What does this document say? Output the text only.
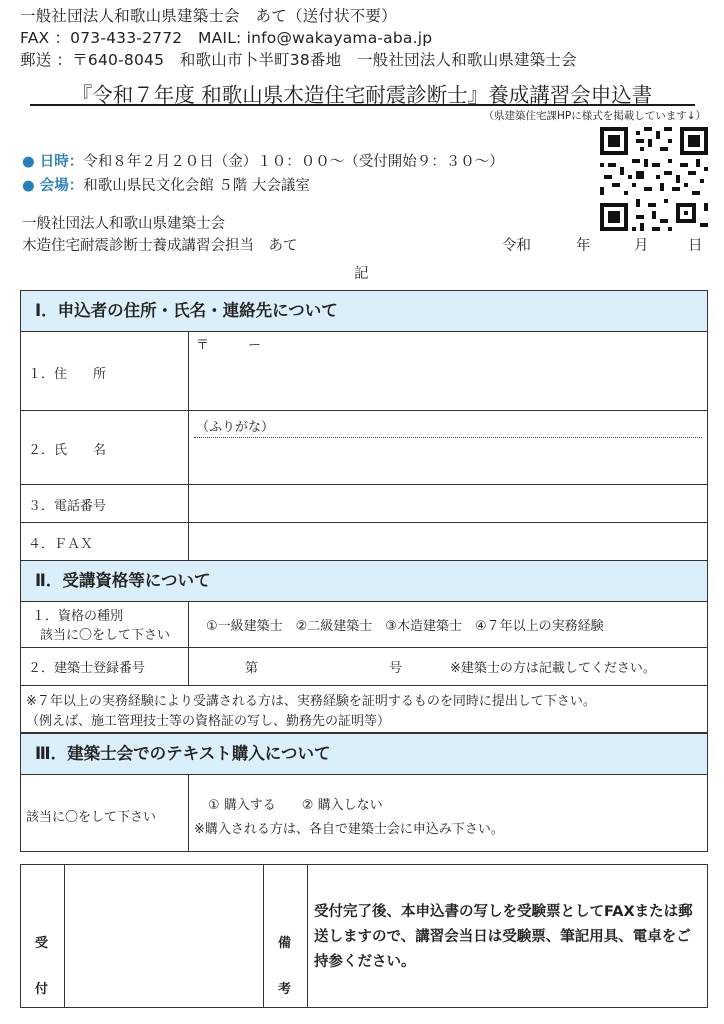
一般社団法人和歌山県建築士会　あて（送付状不要）
FAX ：073-433-2772　MAIL: info@wakayama-aba.jp
郵送 ：〒640-8045　和歌山市卜半町38番地　一般社団法人和歌山県建築士会
『令和７年度 和歌山県木造住宅耐震診断士』養成講習会申込書
（県建築住宅課HPに様式を掲載しています↓）
● 日時：令和８年２月２０日（金）１０：００～（受付開始９：３０～）
● 会場：和歌山県民文化会館 ５階 大会議室
一般社団法人和歌山県建築士会
木造住宅耐震診断士養成講習会担当　あて	令和	年	月	日
記
Ⅰ．申込者の住所・氏名・連絡先について
１．住　　所
〒　　　ー
２．氏　　名
（ふりがな）
３．電話番号
４．ＦＡＸ
Ⅱ．受講資格等について
１．資格の種別
該当に〇をして下さい
①一級建築士　②二級建築士　③木造建築士　④７年以上の実務経験
２．建築士登録番号	第	号	※建築士の方は記載してください。
※７年以上の実務経験により受講される方は、実務経験を証明するものを同時に提出して下さい。
（例えば、施工管理技士等の資格証の写し、勤務先の証明等）
Ⅲ．建築士会でのテキスト購入について
該当に〇をして下さい
① 購入する　　② 購入しない
※購入される方は、各自で建築士会に申込み下さい。
受
付
備
考
受付完了後、本申込書の写しを受験票としてFAXまたは郵送しますので、講習会当日は受験票、筆記用具、電卓をご持参ください。
